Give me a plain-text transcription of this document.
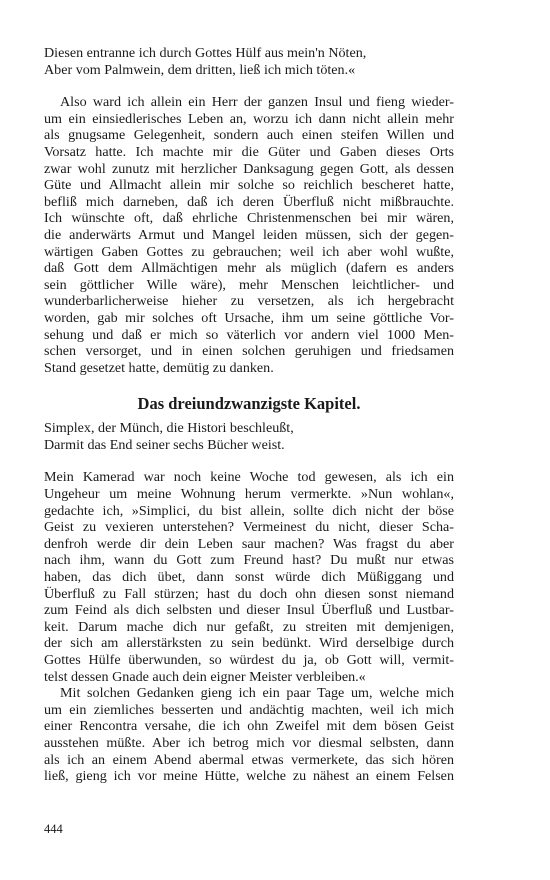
Diesen entranne ich durch Gottes Hülf aus mein'n Nöten,
Aber vom Palmwein, dem dritten, ließ ich mich töten.«
Also ward ich allein ein Herr der ganzen Insul und fieng wieder-
um ein einsiedlerisches Leben an, worzu ich dann nicht allein mehr
als gnugsame Gelegenheit, sondern auch einen steifen Willen und
Vorsatz hatte. Ich machte mir die Güter und Gaben dieses Orts
zwar wohl zunutz mit herzlicher Danksagung gegen Gott, als dessen
Güte und Allmacht allein mir solche so reichlich bescheret hatte,
befliß mich darneben, daß ich deren Überfluß nicht mißbrauchte.
Ich wünschte oft, daß ehrliche Christenmenschen bei mir wären,
die anderwärts Armut und Mangel leiden müssen, sich der gegen-
wärtigen Gaben Gottes zu gebrauchen; weil ich aber wohl wußte,
daß Gott dem Allmächtigen mehr als müglich (dafern es anders
sein göttlicher Wille wäre), mehr Menschen leichtlicher- und
wunderbarlicherweise hieher zu versetzen, als ich hergebracht
worden, gab mir solches oft Ursache, ihm um seine göttliche Vor-
sehung und daß er mich so väterlich vor andern viel 1000 Men-
schen versorget, und in einen solchen geruhigen und friedsamen
Stand gesetzet hatte, demütig zu danken.
Das dreiundzwanzigste Kapitel.
Simplex, der Münch, die Histori beschleußt,
Darmit das End seiner sechs Bücher weist.
Mein Kamerad war noch keine Woche tod gewesen, als ich ein
Ungeheur um meine Wohnung herum vermerkte. »Nun wohlan«,
gedachte ich, »Simplici, du bist allein, sollte dich nicht der böse
Geist zu vexieren unterstehen? Vermeinest du nicht, dieser Scha-
denfroh werde dir dein Leben saur machen? Was fragst du aber
nach ihm, wann du Gott zum Freund hast? Du mußt nur etwas
haben, das dich übet, dann sonst würde dich Müßiggang und
Überfluß zu Fall stürzen; hast du doch ohn diesen sonst niemand
zum Feind als dich selbsten und dieser Insul Überfluß und Lustbar-
keit. Darum mache dich nur gefaßt, zu streiten mit demjenigen,
der sich am allerstärksten zu sein bedünkt. Wird derselbige durch
Gottes Hülfe überwunden, so würdest du ja, ob Gott will, vermit-
telst dessen Gnade auch dein eigner Meister verbleiben.«
Mit solchen Gedanken gieng ich ein paar Tage um, welche mich
um ein ziemliches besserten und andächtig machten, weil ich mich
einer Rencontra versahe, die ich ohn Zweifel mit dem bösen Geist
ausstehen müßte. Aber ich betrog mich vor diesmal selbsten, dann
als ich an einem Abend abermal etwas vermerkete, das sich hören
ließ, gieng ich vor meine Hütte, welche zu nähest an einem Felsen
444
